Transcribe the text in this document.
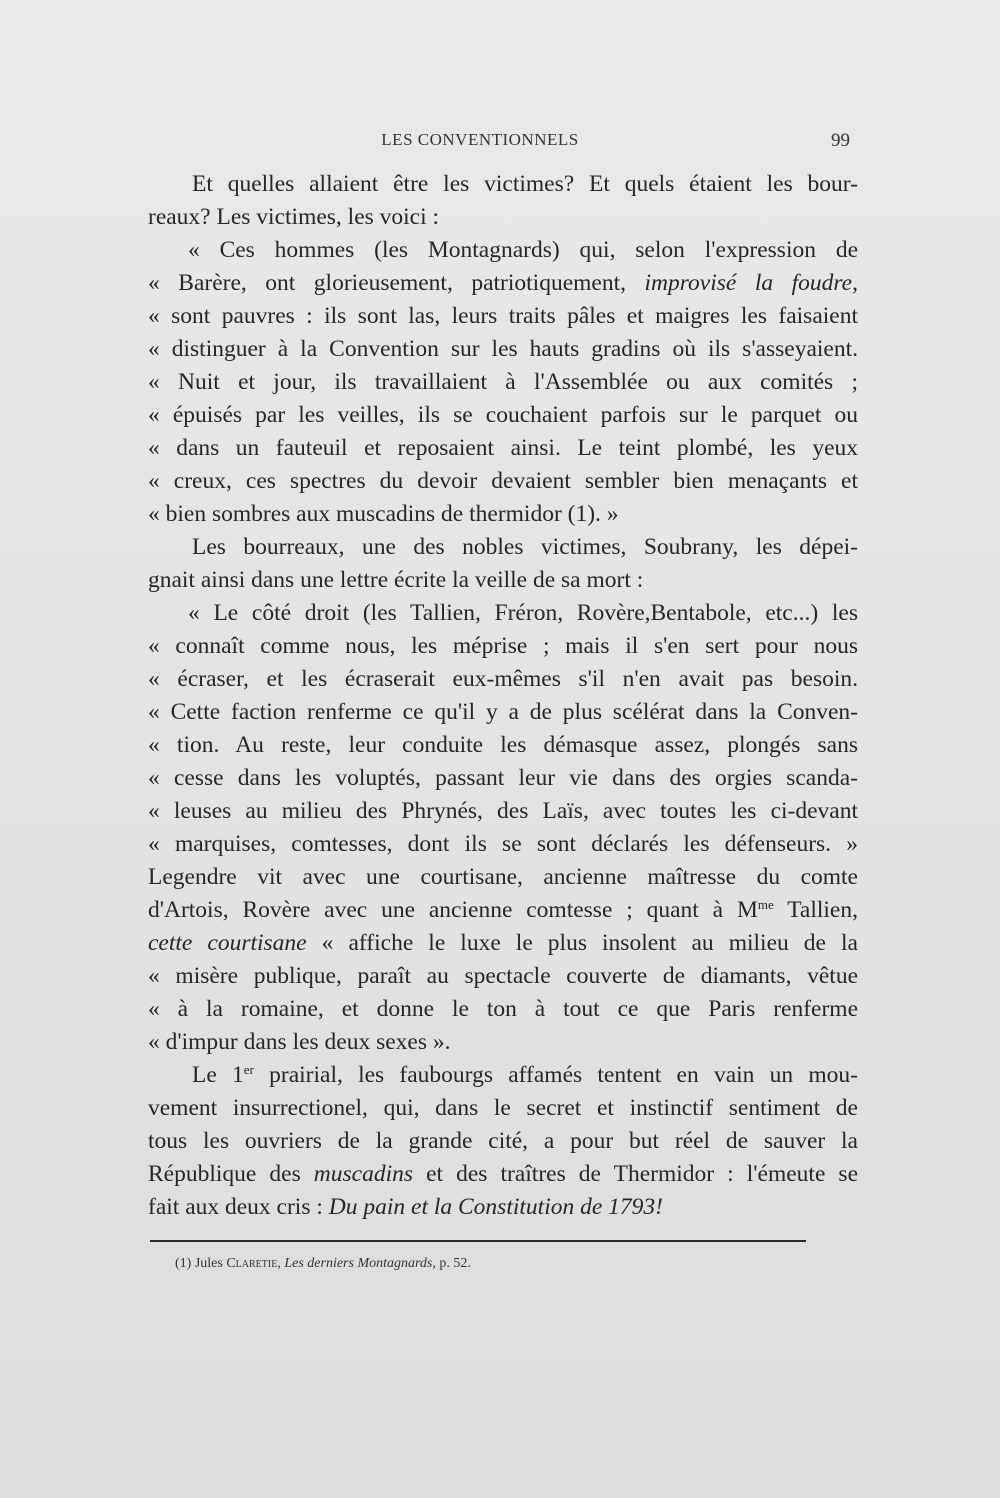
LES CONVENTIONNELS	99
Et quelles allaient être les victimes? Et quels étaient les bour-
reaux? Les victimes, les voici :
« Ces hommes (les Montagnards) qui, selon l'expression de
« Barère, ont glorieusement, patriotiquement, improvisé la foudre,
« sont pauvres : ils sont las, leurs traits pâles et maigres les faisaient
« distinguer à la Convention sur les hauts gradins où ils s'asseyaient.
« Nuit et jour, ils travaillaient à l'Assemblée ou aux comités ;
« épuisés par les veilles, ils se couchaient parfois sur le parquet ou
« dans un fauteuil et reposaient ainsi. Le teint plombé, les yeux
« creux, ces spectres du devoir devaient sembler bien menaçants et
« bien sombres aux muscadins de thermidor (1). »
Les bourreaux, une des nobles victimes, Soubrany, les dépei-
gnait ainsi dans une lettre écrite la veille de sa mort :
« Le côté droit (les Tallien, Fréron, Rovère,Bentabole, etc...) les
« connaît comme nous, les méprise ; mais il s'en sert pour nous
« écraser, et les écraserait eux-mêmes s'il n'en avait pas besoin.
« Cette faction renferme ce qu'il y a de plus scélérat dans la Conven-
« tion. Au reste, leur conduite les démasque assez, plongés sans
« cesse dans les voluptés, passant leur vie dans des orgies scanda-
« leuses au milieu des Phrynés, des Laïs, avec toutes les ci-devant
« marquises, comtesses, dont ils se sont déclarés les défenseurs. »
Legendre vit avec une courtisane, ancienne maîtresse du comte
d'Artois, Rovère avec une ancienne comtesse ; quant à $M^{me}$ Tallien,
cette courtisane « affiche le luxe le plus insolent au milieu de la
« misère publique, paraît au spectacle couverte de diamants, vêtue
« à la romaine, et donne le ton à tout ce que Paris renferme
« d'impur dans les deux sexes ».
Le 1er prairial, les faubourgs affamés tentent en vain un mou-
vement insurrectionel, qui, dans le secret et instinctif sentiment de
tous les ouvriers de la grande cité, a pour but réel de sauver la
République des muscadins et des traîtres de Thermidor : l'émeute se
fait aux deux cris : Du pain et la Constitution de 1793!
(1) Jules Claretie, Les derniers Montagnards, p. 52.
